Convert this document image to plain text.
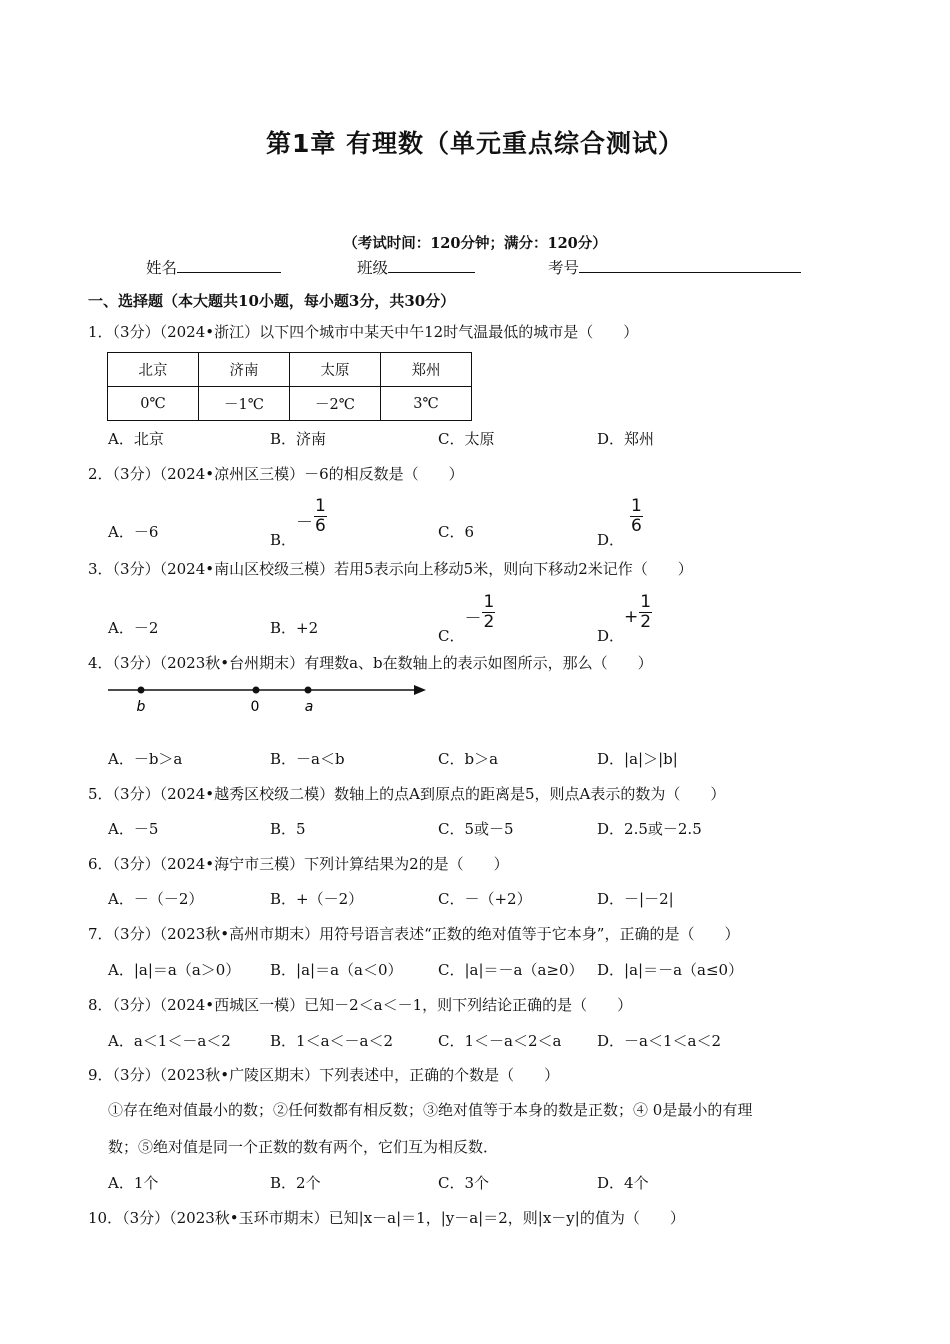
第1章 有理数（单元重点综合测试）
（考试时间：120分钟；满分：120分）
姓名	班级	考号
一、选择题（本大题共10小题，每小题3分，共30分）
1．（3分）（2024•浙江）以下四个城市中某天中午12时气温最低的城市是（　　）
北京	济南	太原	郑州
0℃	－1℃	－2℃	3℃
A．北京	B．济南	C．太原	D．郑州
2．（3分）（2024•凉州区三模）－6的相反数是（　　）
A．－6	B．－ $\frac{1}{6}$	C．6	D．
$\frac{1}{6}$
3．（3分）（2024•南山区校级三模）若用5表示向上移动5米，则向下移动2米记作（　　）
A．－2	B．+2	C．－ $\frac{1}{2}$
D．+ $\frac{1}{2}$
4．（3分）（2023秋•台州期末）有理数a、b在数轴上的表示如图所示，那么（　　）
b	0	a
A．－b＞a	B．－a＜b	C．b＞a	D．|a|＞|b|
5．（3分）（2024•越秀区校级二模）数轴上的点A到原点的距离是5，则点A表示的数为（　　）
A．－5	B．5	C．5或－5	D．2.5或－2.5
6．（3分）（2024•海宁市三模）下列计算结果为2的是（　　）
A．－（－2）	B．+（－2）	C．－（+2）	D．－|－2|
7．（3分）（2023秋•高州市期末）用符号语言表述“正数的绝对值等于它本身”，正确的是（　　）
A．|a|＝a（a＞0） B．|a|＝a（a＜0） C．|a|＝－a（a≥0） D．|a|＝－a（a≤0）
8．（3分）（2024•西城区一模）已知－2＜a＜－1，则下列结论正确的是（　　）
A．a＜1＜－a＜2	B．1＜a＜－a＜2	C．1＜－a＜2＜a D．－a＜1＜a＜2
9．（3分）（2023秋•广陵区期末）下列表述中，正确的个数是（　　）
①存在绝对值最小的数；②任何数都有相反数；③绝对值等于本身的数是正数；④ 0是最小的有理
数；⑤绝对值是同一个正数的数有两个，它们互为相反数．
A．1个	B．2个	C．3个	D．4个
10．（3分）（2023秋•玉环市期末）已知|x－a|＝1，|y－a|＝2，则|x－y|的值为（　　）
